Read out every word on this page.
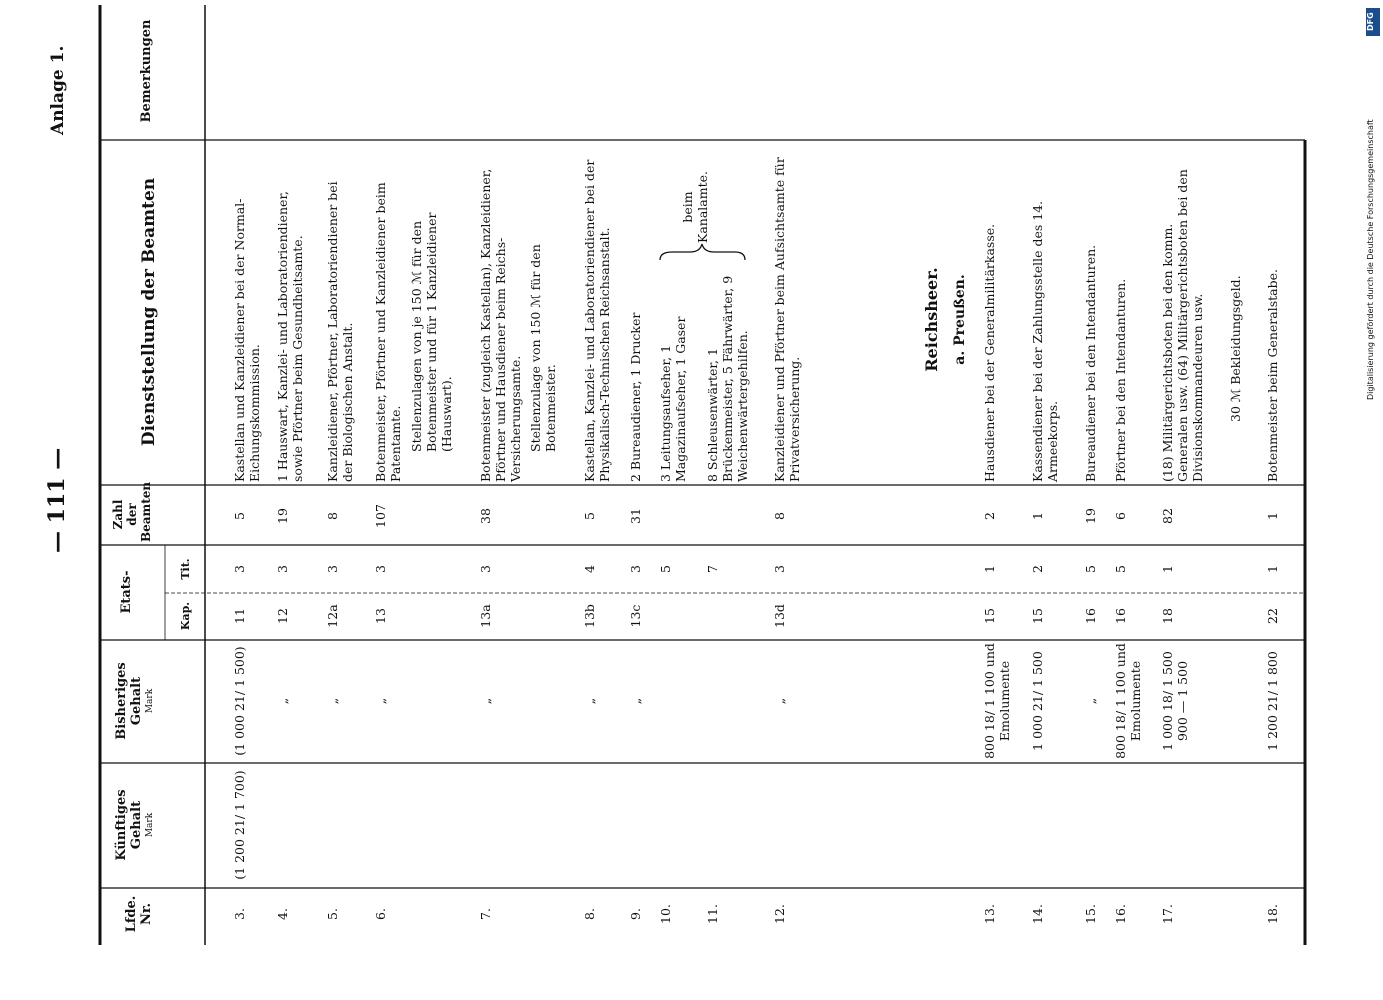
— 111 —
Anlage 1.
Digitalisierung gefördert durch die Deutsche Forschungsgemeinschaft
DFG
Lfde. Nr.
Künftiges Gehalt Mark
Bisheriges Gehalt Mark
Etats-
Kap.
Tit.
Zahl der Beamten
Dienststellung der Beamten
Bemerkungen
3.
(1 200 21/ 1 700)
(1 000 21/ 1 500)
11
3
5
Kastellan und Kanzleidiener bei der Normal-Eichungskommission.
4.
„
12
3
19
1 Hauswart, Kanzlei- und Laboratoriendiener, sowie Pförtner beim Gesundheitsamte.
5.
„
12a
3
8
Kanzleidiener, Pförtner, Laboratoriendiener bei der Biologischen Anstalt.
6.
„
13
3
107
Botenmeister, Pförtner und Kanzleidiener beim Patentamte. Stellenzulagen von je 150 ℳ für den Botenmeister und für 1 Kanzleidiener (Hauswart).
7.
„
13a
3
38
Botenmeister (zugleich Kastellan), Kanzleidiener, Pförtner und Hausdiener beim Reichs-Versicherungsamte. Stellenzulage von 150 ℳ für den Botenmeister.
8.
„
13b
4
5
Kastellan, Kanzlei- und Laboratoriendiener bei der Physikalisch-Technischen Reichsanstalt.
9.
„
13c
3
31
2 Bureaudiener, 1 Drucker
10.
5
3 Leitungsaufseher, 1 Magazinaufseher, 1 Gaser
beim Kanalamte.
11.
7
8 Schleusenwärter, 1 Brückenmeister, 5 Fährwärter, 9 Weichenwärtergehilfen.
12.
„
13d
3
8
Kanzleidiener und Pförtner beim Aufsichtsamte für Privatversicherung.
Reichsheer. a. Preußen.
13.
800 18/ 1 100 und Emolumente
15
1
2
Hausdiener bei der Generalmilitärkasse.
14.
1 000 21/ 1 500
15
2
1
Kassendiener bei der Zahlungsstelle des 14. Armeekorps.
15.
„
16
5
19
Bureaudiener bei den Intendanturen.
16.
800 18/ 1 100 und Emolumente
16
5
6
Pförtner bei den Intendanturen.
17.
1 000 18/ 1 500 900 — 1 500
18
1
82
(18) Militärgerichtsboten bei den komm. Generalen usw. (64) Militärgerichtsboten bei den Divisionskommandeuren usw. 30 ℳ Bekleidungsgeld.
18.
1 200 21/ 1 800
22
1
1
Botenmeister beim Generalstabe.
